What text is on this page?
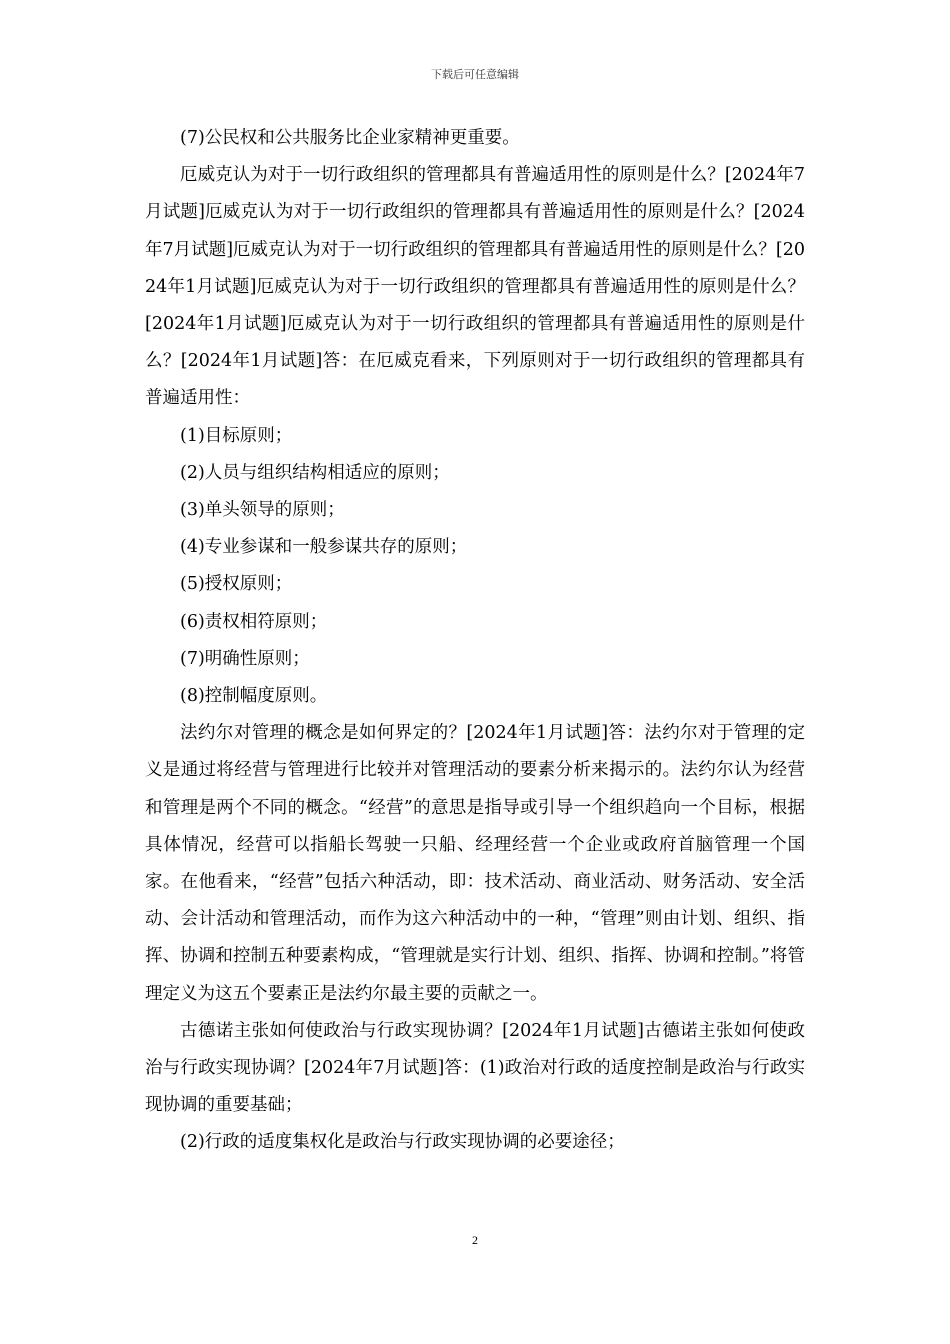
下载后可任意编辑

(7)公民权和公共服务比企业家精神更重要。

厄威克认为对于一切行政组织的管理都具有普遍适用性的原则是什么？[2024年7月试题]厄威克认为对于一切行政组织的管理都具有普遍适用性的原则是什么？[2024年7月试题]厄威克认为对于一切行政组织的管理都具有普遍适用性的原则是什么？[2024年1月试题]厄威克认为对于一切行政组织的管理都具有普遍适用性的原则是什么？[2024年1月试题]厄威克认为对于一切行政组织的管理都具有普遍适用性的原则是什么？[2024年1月试题]答：在厄威克看来，下列原则对于一切行政组织的管理都具有普遍适用性：

(1)目标原则；

(2)人员与组织结构相适应的原则；

(3)单头领导的原则；

(4)专业参谋和一般参谋共存的原则；

(5)授权原则；

(6)责权相符原则；

(7)明确性原则；

(8)控制幅度原则。

法约尔对管理的概念是如何界定的？[2024年1月试题]答：法约尔对于管理的定义是通过将经营与管理进行比较并对管理活动的要素分析来揭示的。法约尔认为经营和管理是两个不同的概念。“经营”的意思是指导或引导一个组织趋向一个目标，根据具体情况，经营可以指船长驾驶一只船、经理经营一个企业或政府首脑管理一个国家。在他看来，“经营”包括六种活动，即：技术活动、商业活动、财务活动、安全活动、会计活动和管理活动，而作为这六种活动中的一种，“管理”则由计划、组织、指挥、协调和控制五种要素构成，“管理就是实行计划、组织、指挥、协调和控制。”将管理定义为这五个要素正是法约尔最主要的贡献之一。

古德诺主张如何使政治与行政实现协调？[2024年1月试题]古德诺主张如何使政治与行政实现协调？[2024年7月试题]答：(1)政治对行政的适度控制是政治与行政实现协调的重要基础；

(2)行政的适度集权化是政治与行政实现协调的必要途径；

2
